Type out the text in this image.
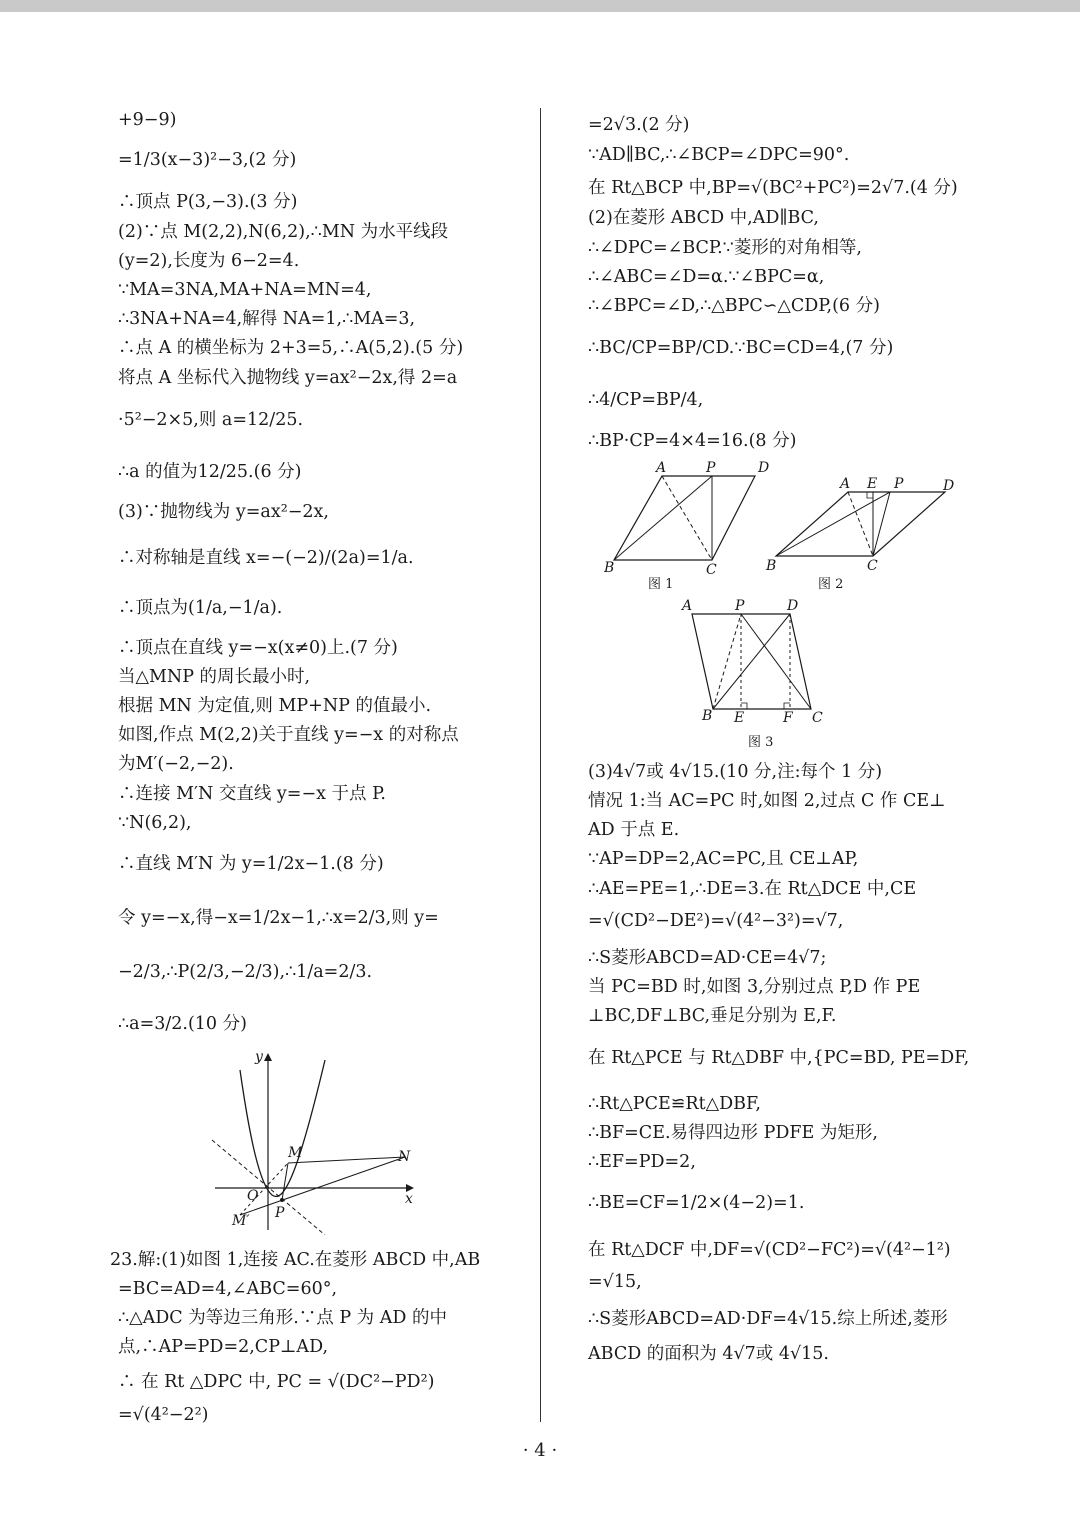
+9−9)
=1/3(x−3)²−3,(2 分)
∴顶点 P(3,−3).(3 分)
(2)∵点 M(2,2),N(6,2),∴MN 为水平线段
(y=2),长度为 6−2=4.
∵MA=3NA,MA+NA=MN=4,
∴3NA+NA=4,解得 NA=1,∴MA=3,
∴点 A 的横坐标为 2+3=5,∴A(5,2).(5 分)
将点 A 坐标代入抛物线 y=ax²−2x,得 2=a
·5²−2×5,则 a=12/25.
∴a 的值为12/25.(6 分)
(3)∵抛物线为 y=ax²−2x,
∴对称轴是直线 x=−(−2)/(2a)=1/a.
∴顶点为(1/a,−1/a).
∴顶点在直线 y=−x(x≠0)上.(7 分)
当△MNP 的周长最小时,
根据 MN 为定值,则 MP+NP 的值最小.
如图,作点 M(2,2)关于直线 y=−x 的对称点
为M′(−2,−2).
∴连接 M′N 交直线 y=−x 于点 P.
∵N(6,2),
∴直线 M′N 为 y=1/2x−1.(8 分)
令 y=−x,得−x=1/2x−1,∴x=2/3,则 y=
−2/3,∴P(2/3,−2/3),∴1/a=2/3.
∴a=3/2.(10 分)
23.解:(1)如图 1,连接 AC.在菱形 ABCD 中,AB
=BC=AD=4,∠ABC=60°,
∴△ADC 为等边三角形.∵点 P 为 AD 的中
点,∴AP=PD=2,CP⊥AD,
∴ 在 Rt △DPC 中, PC = √(DC²−PD²)
=√(4²−2²)
y
x
O
M	N
P
M′
=2√3.(2 分)
∵AD∥BC,∴∠BCP=∠DPC=90°.
在 Rt△BCP 中,BP=√(BC²+PC²)=2√7.(4 分)
(2)在菱形 ABCD 中,AD∥BC,
∴∠DPC=∠BCP.∵菱形的对角相等,
∴∠ABC=∠D=α.∵∠BPC=α,
∴∠BPC=∠D,∴△BPC∽△CDP,(6 分)
∴BC/CP=BP/CD.∵BC=CD=4,(7 分)
∴4/CP=BP/4,
∴BP·CP=4×4=16.(8 分)
(3)4√7或 4√15.(10 分,注:每个 1 分)
情况 1:当 AC=PC 时,如图 2,过点 C 作 CE⊥
AD 于点 E.
∵AP=DP=2,AC=PC,且 CE⊥AP,
∴AE=PE=1,∴DE=3.在 Rt△DCE 中,CE
=√(CD²−DE²)=√(4²−3²)=√7,
∴S菱形ABCD=AD·CE=4√7;
当 PC=BD 时,如图 3,分别过点 P,D 作 PE
⊥BC,DF⊥BC,垂足分别为 E,F.
在 Rt△PCE 与 Rt△DBF 中,{PC=BD, PE=DF,
∴Rt△PCE≌Rt△DBF,
∴BF=CE.易得四边形 PDFE 为矩形,
∴EF=PD=2,
∴BE=CF=1/2×(4−2)=1.
在 Rt△DCF 中,DF=√(CD²−FC²)=√(4²−1²)
=√15,
∴S菱形ABCD=AD·DF=4√15.综上所述,菱形
ABCD 的面积为 4√7或 4√15.
A	P	D
B	C
图 1
A E P	D
B	C
图 2
A	P	D
B E	F C
图 3
· 4 ·
